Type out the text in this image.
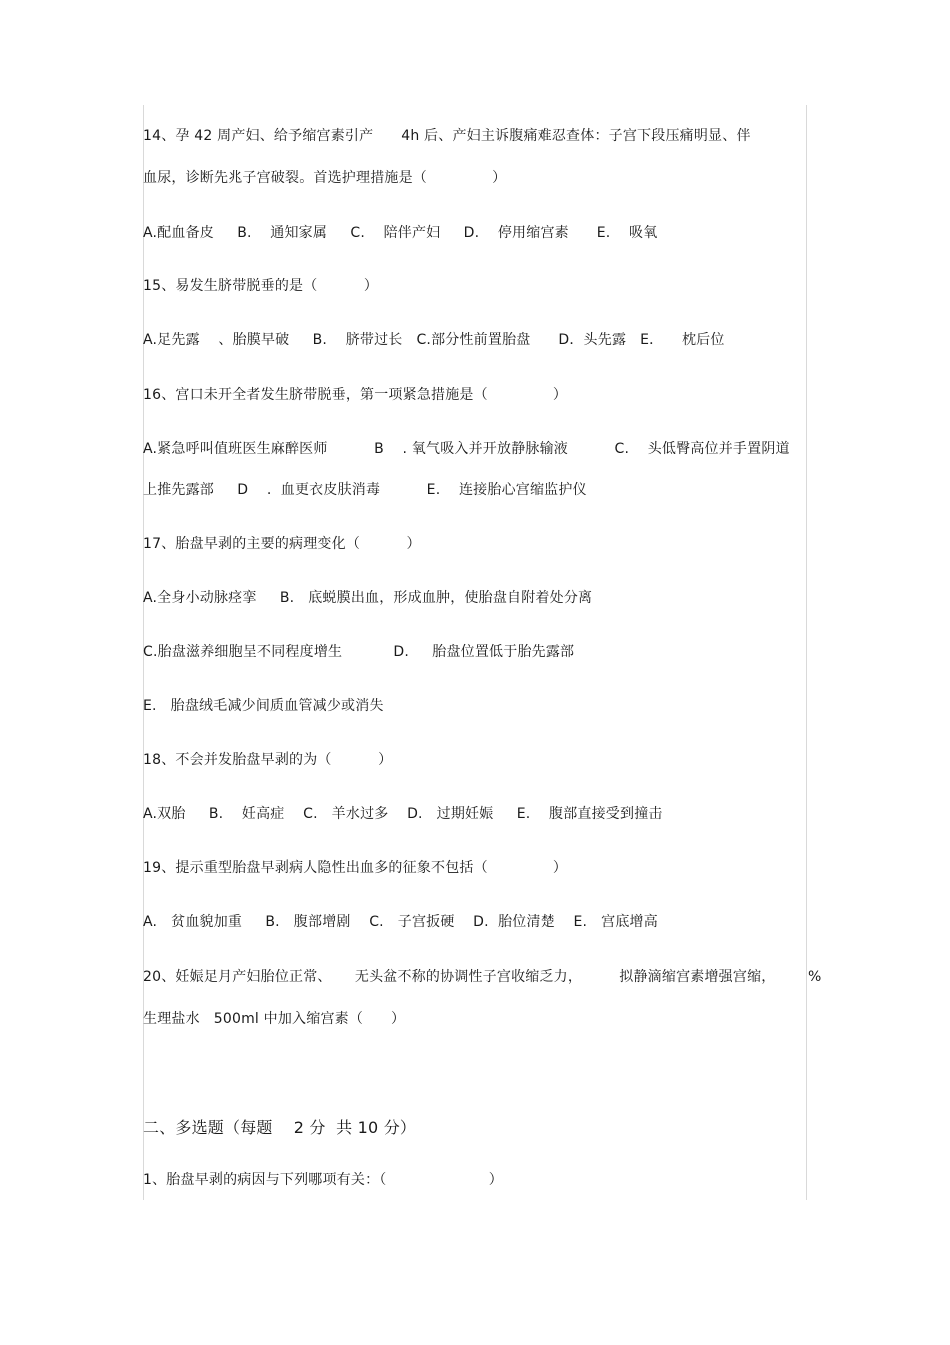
14、孕 42 周产妇、给予缩宫素引产      4h 后、产妇主诉腹痛难忍查体：子宫下段压痛明显、伴
血尿，诊断先兆子宫破裂。首选护理措施是（              ）
A.配血备皮     B.    通知家属     C.    陪伴产妇     D.    停用缩宫素      E.    吸氧
15、易发生脐带脱垂的是（          ）
A.足先露    、胎膜早破     B.    脐带过长   C.部分性前置胎盘      D．头先露   E．    枕后位
16、宫口未开全者发生脐带脱垂，第一项紧急措施是（              ）
A.紧急呼叫值班医生麻醉医师          B    . 氧气吸入并开放静脉输液          C.    头低臀高位并手置阴道
上推先露部     D    .  血更衣皮肤消毒          E.    连接胎心宫缩监护仪
17、胎盘早剥的主要的病理变化（          ）
A.全身小动脉痉挛     B.   底蜕膜出血，形成血肿，使胎盘自附着处分离
C.胎盘滋养细胞呈不同程度增生           D.     胎盘位置低于胎先露部
E.   胎盘绒毛减少间质血管减少或消失
18、不会并发胎盘早剥的为（          ）
A.双胎     B.    妊高症    C.   羊水过多    D.   过期妊娠     E.    腹部直接受到撞击
19、提示重型胎盘早剥病人隐性出血多的征象不包括（              ）
A.   贫血貌加重     B.   腹部增剧    C.   子宫扳硬    D.  胎位清楚    E.   宫底增高
20、妊娠足月产妇胎位正常、     无头盆不称的协调性子宫收缩乏力，        拟静滴缩宫素增强宫缩，       %
生理盐水   500ml 中加入缩宫素（      ）
二、多选题（每题    2 分  共 10 分）
1、胎盘早剥的病因与下列哪项有关：（                      ）
